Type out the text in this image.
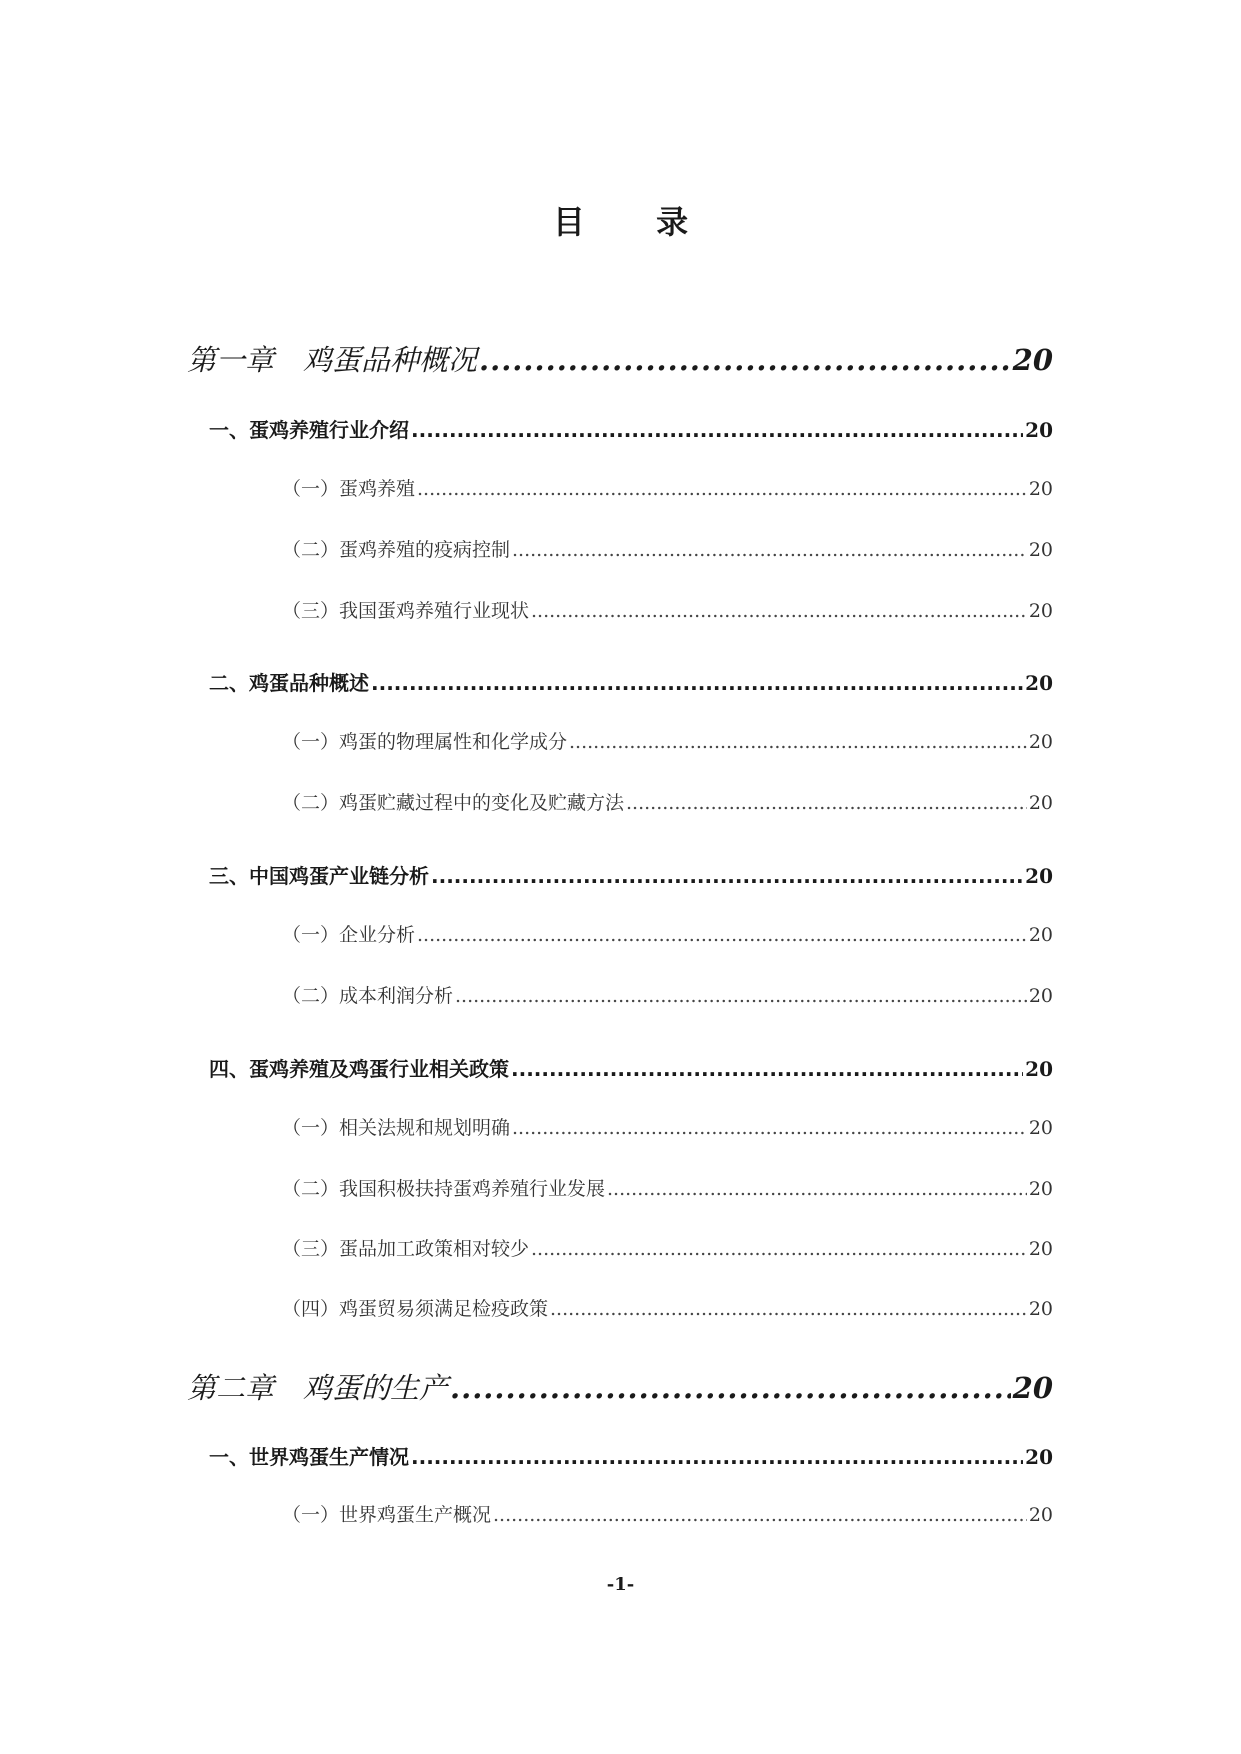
目 录
第一章　鸡蛋品种概况 .....	20
一、蛋鸡养殖行业介绍 .....	20
（一）蛋鸡养殖 .....	20
（二）蛋鸡养殖的疫病控制 .....	20
（三）我国蛋鸡养殖行业现状 .....	20
二、鸡蛋品种概述 .....	20
（一）鸡蛋的物理属性和化学成分 .....	20
（二）鸡蛋贮藏过程中的变化及贮藏方法 .....	20
三、中国鸡蛋产业链分析 .....	20
（一）企业分析 .....	20
（二）成本利润分析 .....	20
四、蛋鸡养殖及鸡蛋行业相关政策 .....	20
（一）相关法规和规划明确 .....	20
（二）我国积极扶持蛋鸡养殖行业发展 .....	20
（三）蛋品加工政策相对较少 .....	20
（四）鸡蛋贸易须满足检疫政策 .....	20
第二章　鸡蛋的生产 .....	20
一、世界鸡蛋生产情况 .....	20
（一）世界鸡蛋生产概况 .....	20
-1-
